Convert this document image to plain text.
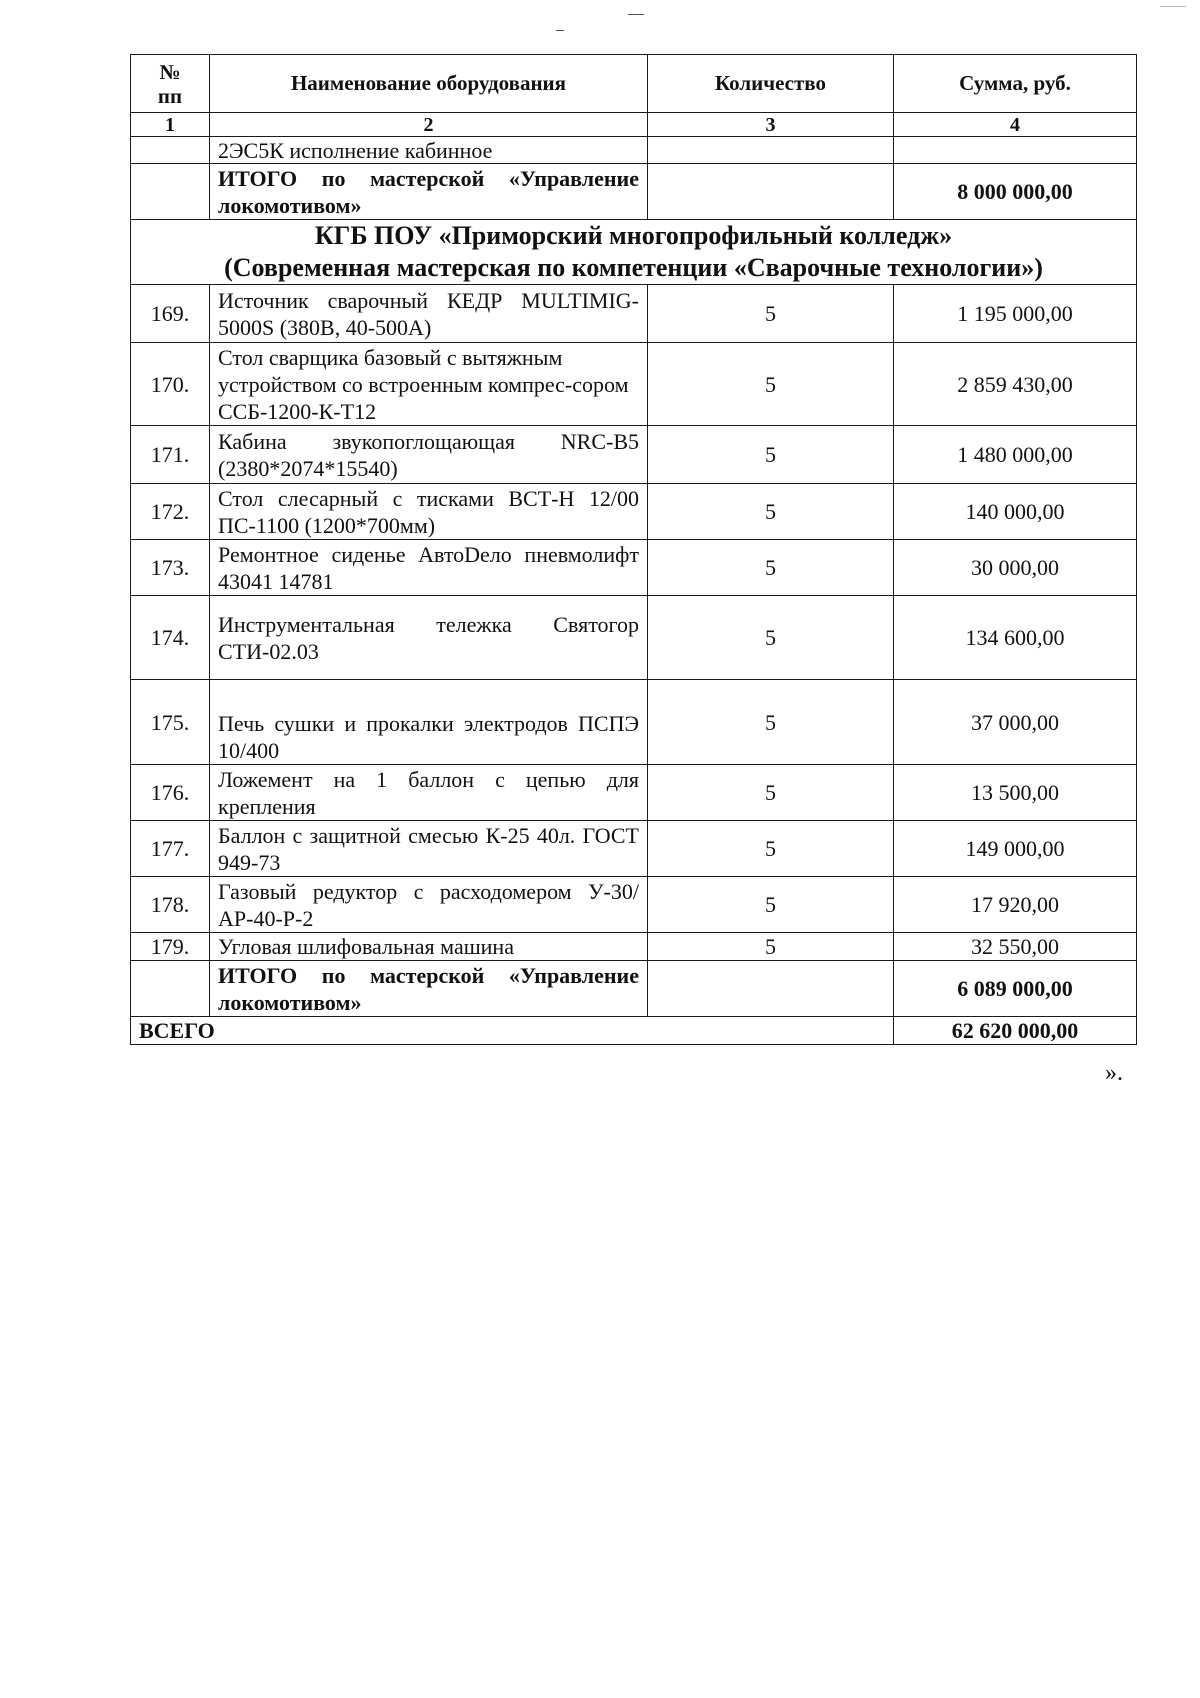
№ пп	Наименование оборудования	Количество	Сумма, руб.
1	2	3	4
	2ЭС5К исполнение кабинное		
	ИТОГО по мастерской «Управление локомотивом»		8 000 000,00

КГБ ПОУ «Приморский многопрофильный колледж»
(Современная мастерская по компетенции «Сварочные технологии»)			

169.	Источник сварочный КЕДР MULTIMIG-5000S (380В, 40-500А)	5	1 195 000,00
170.	Стол сварщика базовый с вытяжным устройством со встроенным компрес-сором ССБ-1200-К-Т12	5	2 859 430,00
171.	Кабина звукопоглощающая NRC-B5 (2380*2074*15540)	5	1 480 000,00
172.	Стол слесарный с тисками ВСТ-Н 12/00 ПС-1100 (1200*700мм)	5	140 000,00
173.	Ремонтное сиденье АвтоDело пневмолифт 43041 14781	5	30 000,00
174.	Инструментальная тележка Святогор СТИ-02.03	5	134 600,00
175.	Печь сушки и прокалки электродов ПСПЭ 10/400	5	37 000,00
176.	Ложемент на 1 баллон с цепью для крепления	5	13 500,00
177.	Баллон с защитной смесью К-25 40л. ГОСТ 949-73	5	149 000,00
178.	Газовый редуктор с расходомером У-30/АР-40-Р-2	5	17 920,00
179.	Угловая шлифовальная машина	5	32 550,00
	ИТОГО по мастерской «Управление локомотивом»		6 089 000,00
ВСЕГО			62 620 000,00
».
